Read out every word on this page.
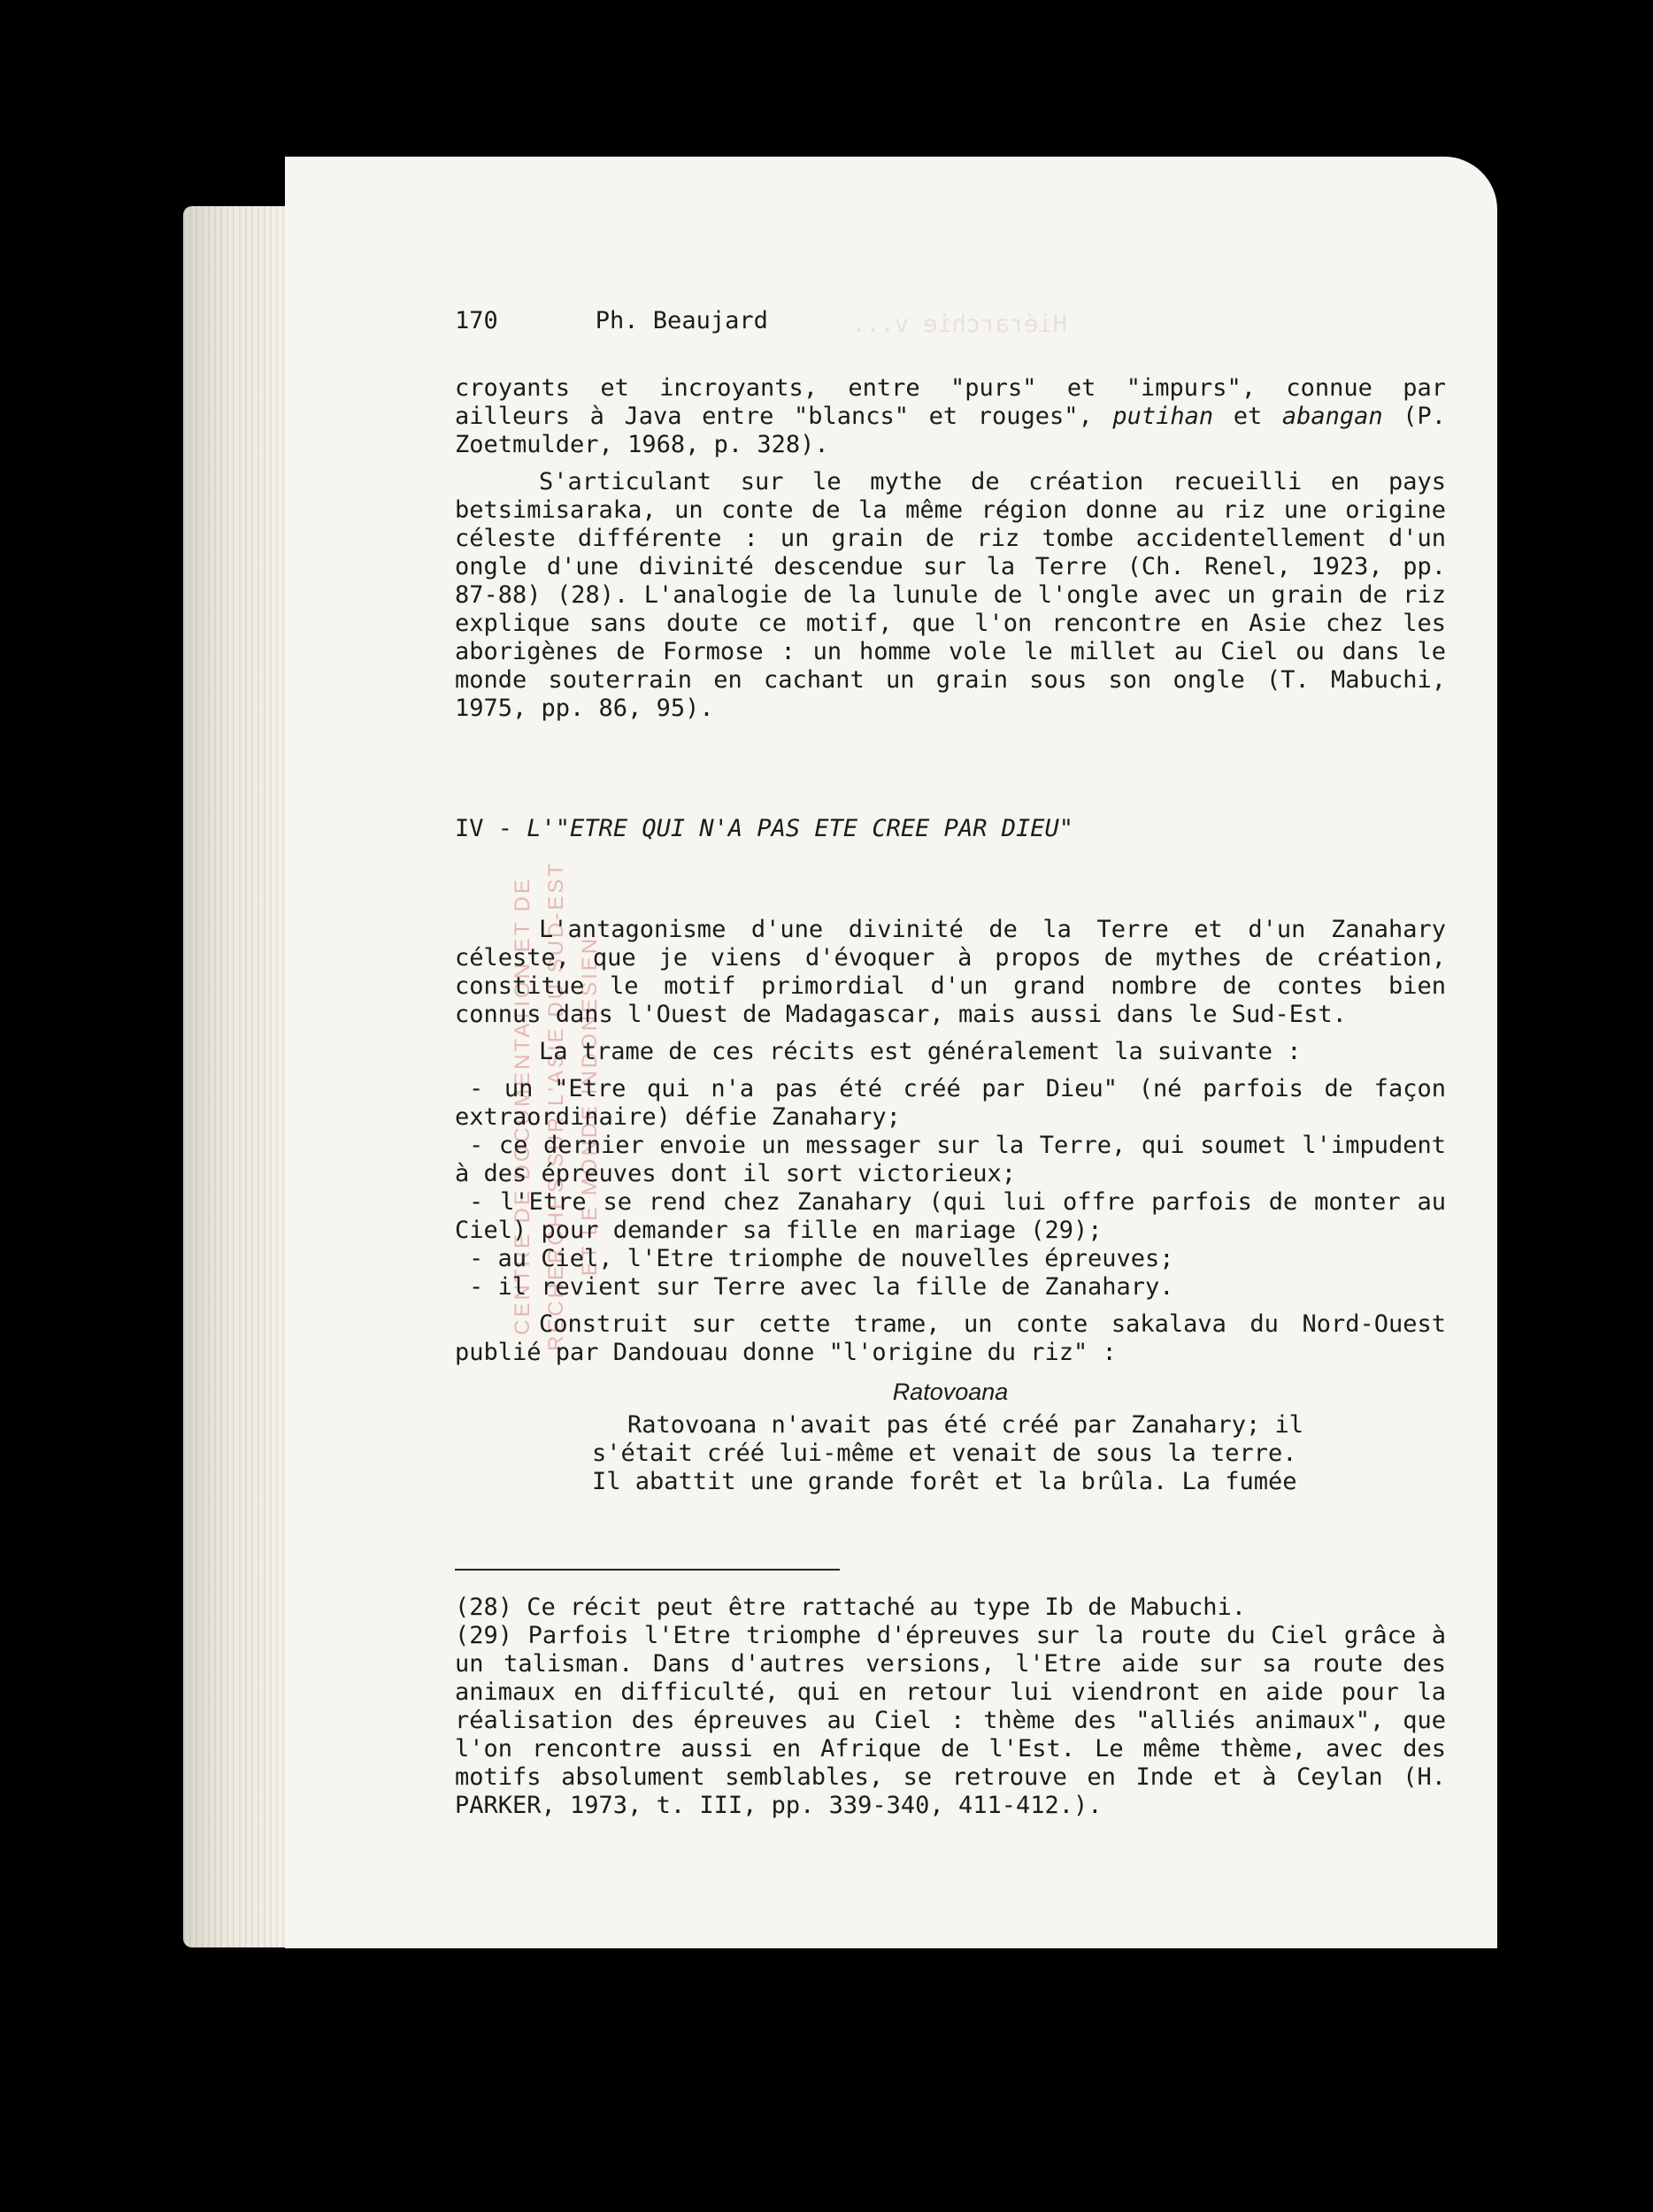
Hiérarchie v...
CENTRE DE DOCUMENTATION ET DE RECHERCHES SUR L'ASIE DU SUD-EST ET LE MONDE INDONESIEN
170	Ph. Beaujard

croyants et incroyants, entre "purs" et "impurs", connue par ailleurs à Java entre "blancs" et rouges", putihan et abangan (P. Zoetmulder, 1968, p. 328).

S'articulant sur le mythe de création recueilli en pays betsimisaraka, un conte de la même région donne au riz une origine céleste différente : un grain de riz tombe accidentellement d'un ongle d'une divinité descendue sur la Terre (Ch. Renel, 1923, pp. 87-88) (28). L'analogie de la lunule de l'ongle avec un grain de riz explique sans doute ce motif, que l'on rencontre en Asie chez les aborigènes de Formose : un homme vole le millet au Ciel ou dans le monde souterrain en cachant un grain sous son ongle (T. Mabuchi, 1975, pp. 86, 95).

IV - L'"ETRE QUI N'A PAS ETE CREE PAR DIEU"

L'antagonisme d'une divinité de la Terre et d'un Zanahary céleste, que je viens d'évoquer à propos de mythes de création, constitue le motif primordial d'un grand nombre de contes bien connus dans l'Ouest de Madagascar, mais aussi dans le Sud-Est.

La trame de ces récits est généralement la suivante :

- un "Etre qui n'a pas été créé par Dieu" (né parfois de façon extraordinaire) défie Zanahary;

- ce dernier envoie un messager sur la Terre, qui soumet l'impudent à des épreuves dont il sort victorieux;

- l'Etre se rend chez Zanahary (qui lui offre parfois de monter au Ciel) pour demander sa fille en mariage (29);

- au Ciel, l'Etre triomphe de nouvelles épreuves;

- il revient sur Terre avec la fille de Zanahary.

Construit sur cette trame, un conte sakalava du Nord-Ouest publié par Dandouau donne "l'origine du riz" :

Ratovoana
Ratovoana n'avait pas été créé par Zanahary; il
s'était créé lui-même et venait de sous la terre.
Il abattit une grande forêt et la brûla. La fumée

(28) Ce récit peut être rattaché au type Ib de Mabuchi.

(29) Parfois l'Etre triomphe d'épreuves sur la route du Ciel grâce à un talisman. Dans d'autres versions, l'Etre aide sur sa route des animaux en difficulté, qui en retour lui viendront en aide pour la réalisation des épreuves au Ciel : thème des "alliés animaux", que l'on rencontre aussi en Afrique de l'Est. Le même thème, avec des motifs absolument semblables, se retrouve en Inde et à Ceylan (H. PARKER, 1973, t. III, pp. 339-340, 411-412.).
